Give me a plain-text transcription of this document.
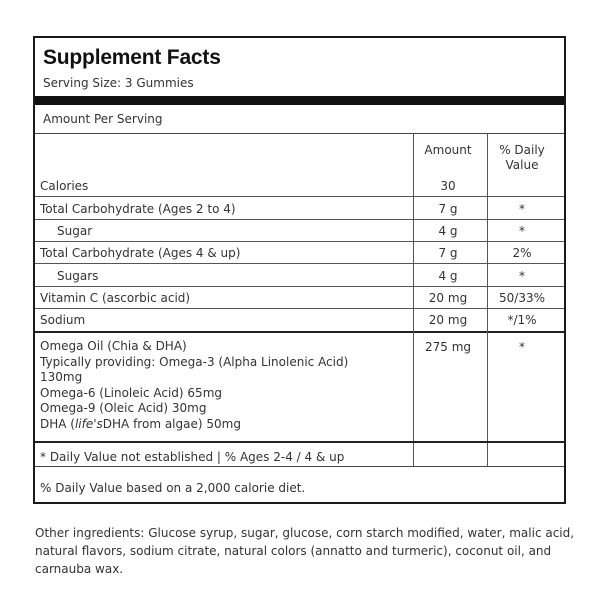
Supplement Facts
Serving Size: 3 Gummies
Amount Per Serving
Amount	% Daily
Value
Calories	30
Total Carbohydrate (Ages 2 to 4)	7 g	*
Sugar	4 g	*
Total Carbohydrate (Ages 4 & up)	7 g	2%
Sugars	4 g	*
Vitamin C (ascorbic acid)	20 mg	50/33%
Sodium	20 mg	*/1%
Omega Oil (Chia & DHA)
Typically providing: Omega-3 (Alpha Linolenic Acid)
130mg
Omega-6 (Linoleic Acid) 65mg
Omega-9 (Oleic Acid) 30mg
DHA (life'sDHA from algae) 50mg
275 mg	*
* Daily Value not established | % Ages 2-4 / 4 & up
% Daily Value based on a 2,000 calorie diet.
Other ingredients: Glucose syrup, sugar, glucose, corn starch modified, water, malic acid, natural flavors, sodium citrate, natural colors (annatto and turmeric), coconut oil, and carnauba wax.
